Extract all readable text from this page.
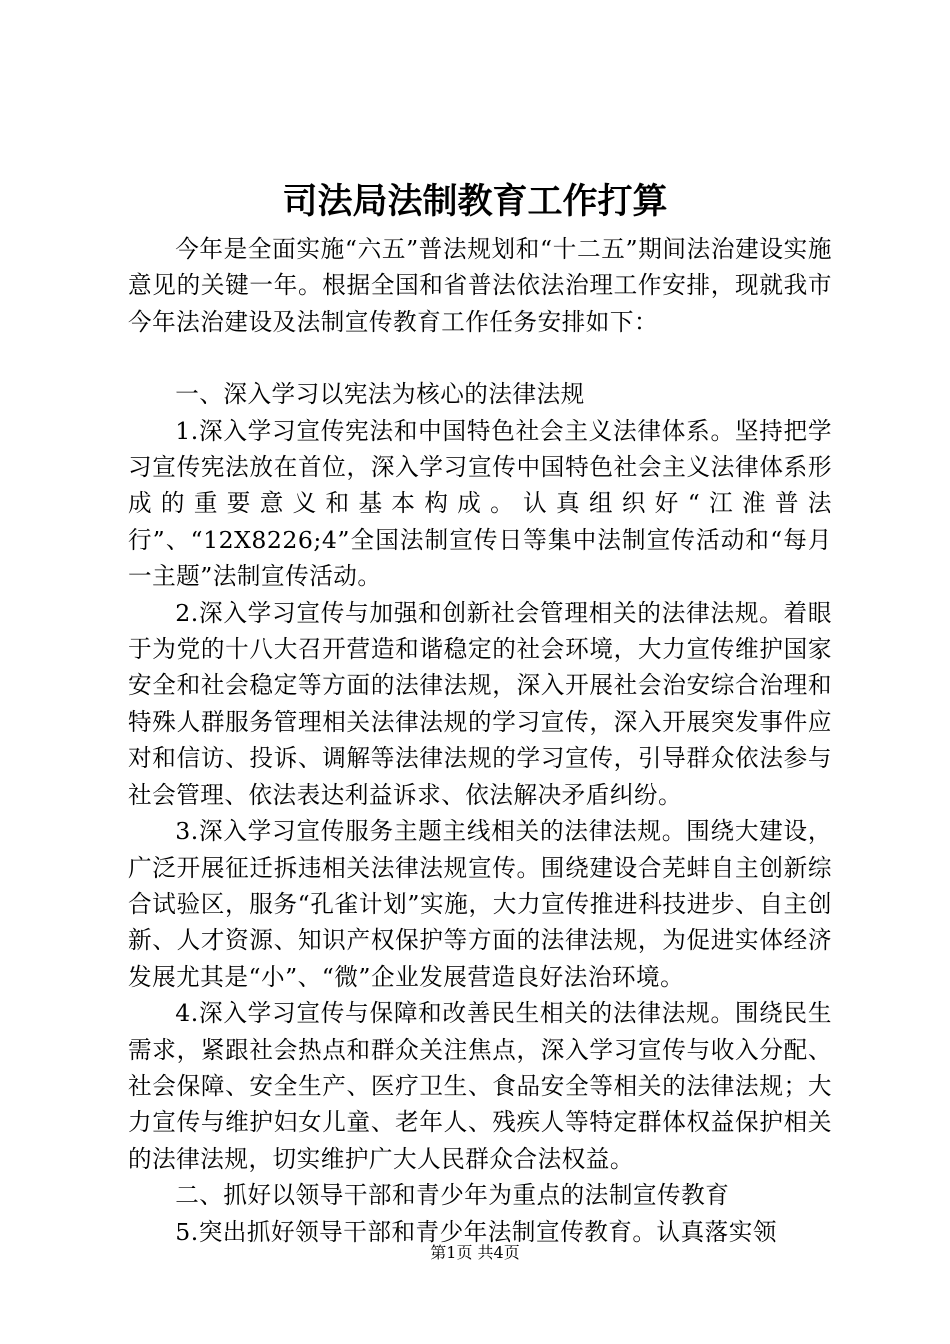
司法局法制教育工作打算

今年是全面实施“六五”普法规划和“十二五”期间法治建设实施意见的关键一年。根据全国和省普法依法治理工作安排，现就我市今年法治建设及法制宣传教育工作任务安排如下：

一、深入学习以宪法为核心的法律法规

1.深入学习宣传宪法和中国特色社会主义法律体系。坚持把学习宣传宪法放在首位，深入学习宣传中国特色社会主义法律体系形成的重要意义和基本构成。认真组织好“江淮普法行”、“12X8226;4”全国法制宣传日等集中法制宣传活动和“每月一主题”法制宣传活动。

2.深入学习宣传与加强和创新社会管理相关的法律法规。着眼于为党的十八大召开营造和谐稳定的社会环境，大力宣传维护国家安全和社会稳定等方面的法律法规，深入开展社会治安综合治理和特殊人群服务管理相关法律法规的学习宣传，深入开展突发事件应对和信访、投诉、调解等法律法规的学习宣传，引导群众依法参与社会管理、依法表达利益诉求、依法解决矛盾纠纷。

3.深入学习宣传服务主题主线相关的法律法规。围绕大建设，广泛开展征迁拆违相关法律法规宣传。围绕建设合芜蚌自主创新综合试验区，服务“孔雀计划”实施，大力宣传推进科技进步、自主创新、人才资源、知识产权保护等方面的法律法规，为促进实体经济发展尤其是“小”、“微”企业发展营造良好法治环境。

4.深入学习宣传与保障和改善民生相关的法律法规。围绕民生需求，紧跟社会热点和群众关注焦点，深入学习宣传与收入分配、社会保障、安全生产、医疗卫生、食品安全等相关的法律法规；大力宣传与维护妇女儿童、老年人、残疾人等特定群体权益保护相关的法律法规，切实维护广大人民群众合法权益。

二、抓好以领导干部和青少年为重点的法制宣传教育

5.突出抓好领导干部和青少年法制宣传教育。认真落实领

第1页 共4页
